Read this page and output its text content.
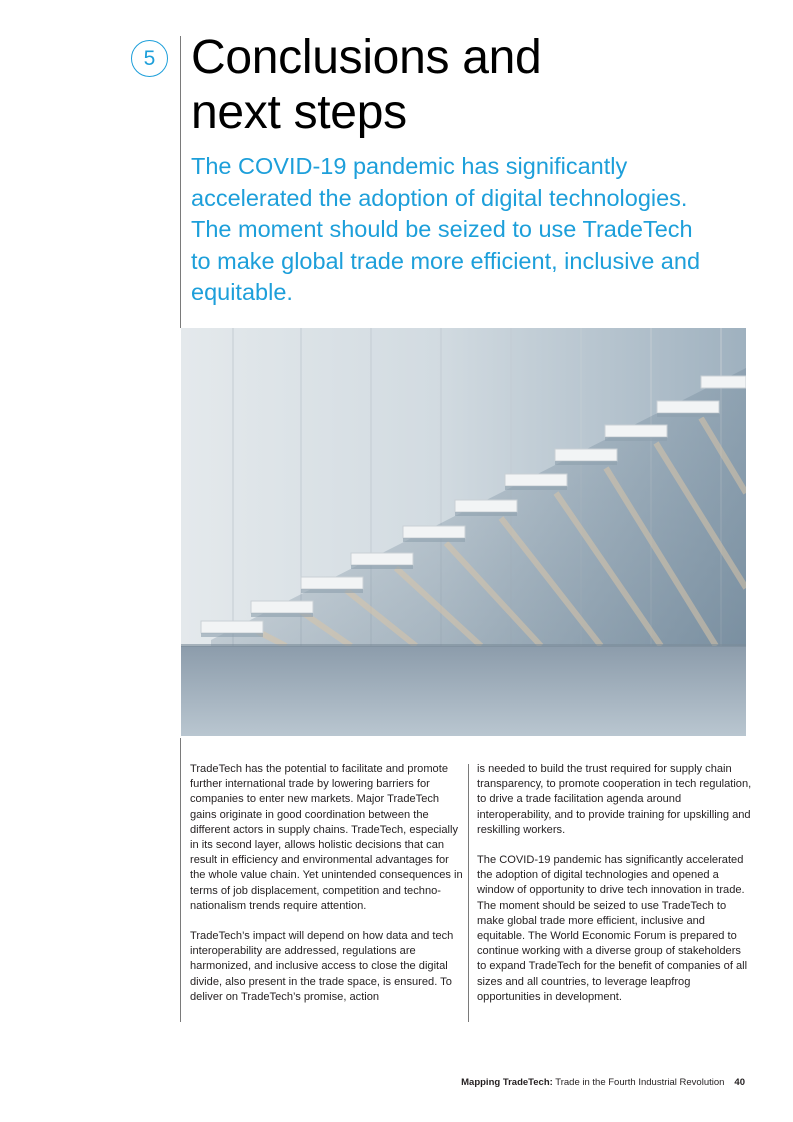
5 Conclusions and
next steps

The COVID-19 pandemic has significantly accelerated the adoption of digital technologies. The moment should be seized to use TradeTech to make global trade more efficient, inclusive and equitable.

TradeTech has the potential to facilitate and promote further international trade by lowering barriers for companies to enter new markets. Major TradeTech gains originate in good coordination between the different actors in supply chains. TradeTech, especially in its second layer, allows holistic decisions that can result in efficiency and environmental advantages for the whole value chain. Yet unintended consequences in terms of job displacement, competition and techno-nationalism trends require attention.

TradeTech’s impact will depend on how data and tech interoperability are addressed, regulations are harmonized, and inclusive access to close the digital divide, also present in the trade space, is ensured. To deliver on TradeTech’s promise, action

is needed to build the trust required for supply chain transparency, to promote cooperation in tech regulation, to drive a trade facilitation agenda around interoperability, and to provide training for upskilling and reskilling workers.

The COVID-19 pandemic has significantly accelerated the adoption of digital technologies and opened a window of opportunity to drive tech innovation in trade. The moment should be seized to use TradeTech to make global trade more efficient, inclusive and equitable. The World Economic Forum is prepared to continue working with a diverse group of stakeholders to expand TradeTech for the benefit of companies of all sizes and all countries, to leverage leapfrog opportunities in development.

Mapping TradeTech: Trade in the Fourth Industrial Revolution 40
